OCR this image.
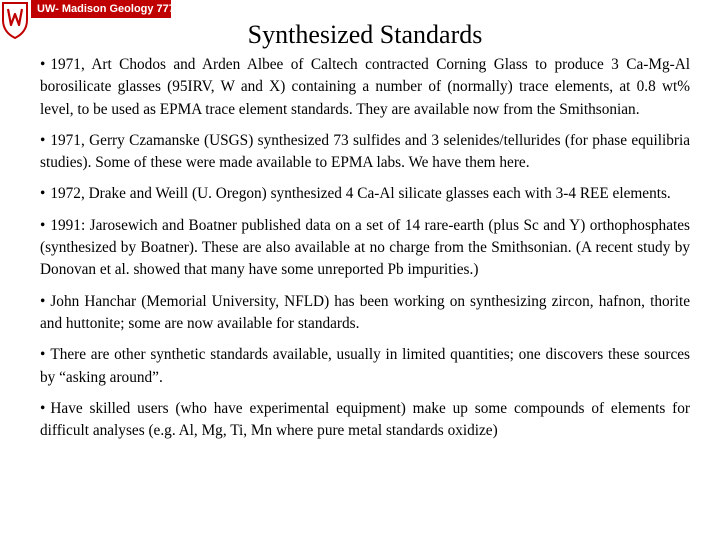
UW- Madison Geology 777
Synthesized Standards
• 1971, Art Chodos and Arden Albee of Caltech contracted Corning Glass to produce 3 Ca-Mg-Al borosilicate glasses (95IRV, W and X) containing a number of (normally) trace elements, at 0.8 wt% level, to be used as EPMA trace element standards. They are available now from the Smithsonian.
• 1971, Gerry Czamanske (USGS) synthesized 73 sulfides and 3 selenides/tellurides (for phase equilibria studies). Some of these were made available to EPMA labs. We have them here.
• 1972, Drake and Weill (U. Oregon) synthesized 4 Ca-Al silicate glasses each with 3-4 REE elements.
• 1991: Jarosewich and Boatner published data on a set of 14 rare-earth (plus Sc and Y) orthophosphates (synthesized by Boatner). These are also available at no charge from the Smithsonian. (A recent study by Donovan et al. showed that many have some unreported Pb impurities.)
• John Hanchar (Memorial University, NFLD) has been working on synthesizing zircon, hafnon, thorite and huttonite; some are now available for standards.
• There are other synthetic standards available, usually in limited quantities; one discovers these sources by “asking around”.
• Have skilled users (who have experimental equipment) make up some compounds of elements for difficult analyses (e.g. Al, Mg, Ti, Mn where pure metal standards oxidize)
